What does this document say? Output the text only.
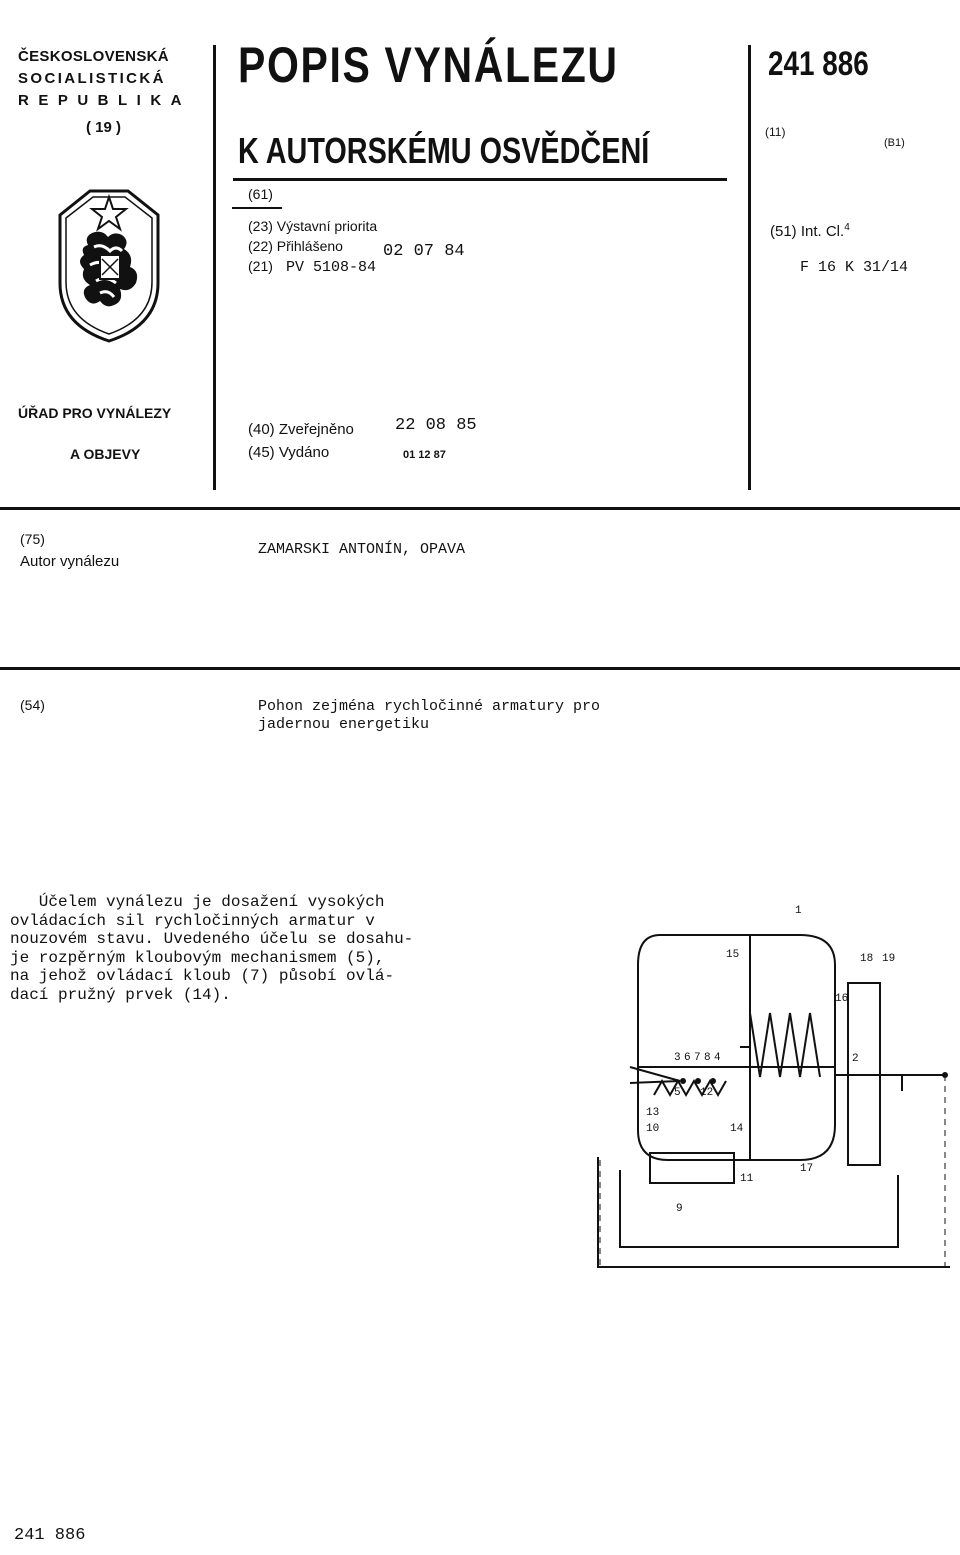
ČESKOSLOVENSKÁ
SOCIALISTICKÁ
REPUBLIKA
( 19 )
ÚŘAD PRO VYNÁLEZY
A OBJEVY
POPIS VYNÁLEZU
K AUTORSKÉMU OSVĚDČENÍ
(61)
(23) Výstavní priorita
(22) Přihlášeno 02 07 84
(21) PV 5108-84
(40) Zveřejněno 22 08 85
(45) Vydáno	01 12 87
241 886
(11)
(B1)
(51) Int. Cl.$^4$
F 16 K 31/14
(75)
Autor vynálezu
ZAMARSKI ANTONÍN, OPAVA
(54)	Pohon zejména rychločinné armatury pro
jadernou energetiku
Účelem vynálezu je dosažení vysokých
ovládacích sil rychločinných armatur v
nouzovém stavu. Uvedeného účelu se dosahu-
je rozpěrným kloubovým mechanismem (5),
na jehož ovládací kloub (7) působí ovlá-
dací pružný prvek (14).
1
15	18 19
16
3 6 7 8 4
5 12
2
10
13
14
11
17
9
241 886
